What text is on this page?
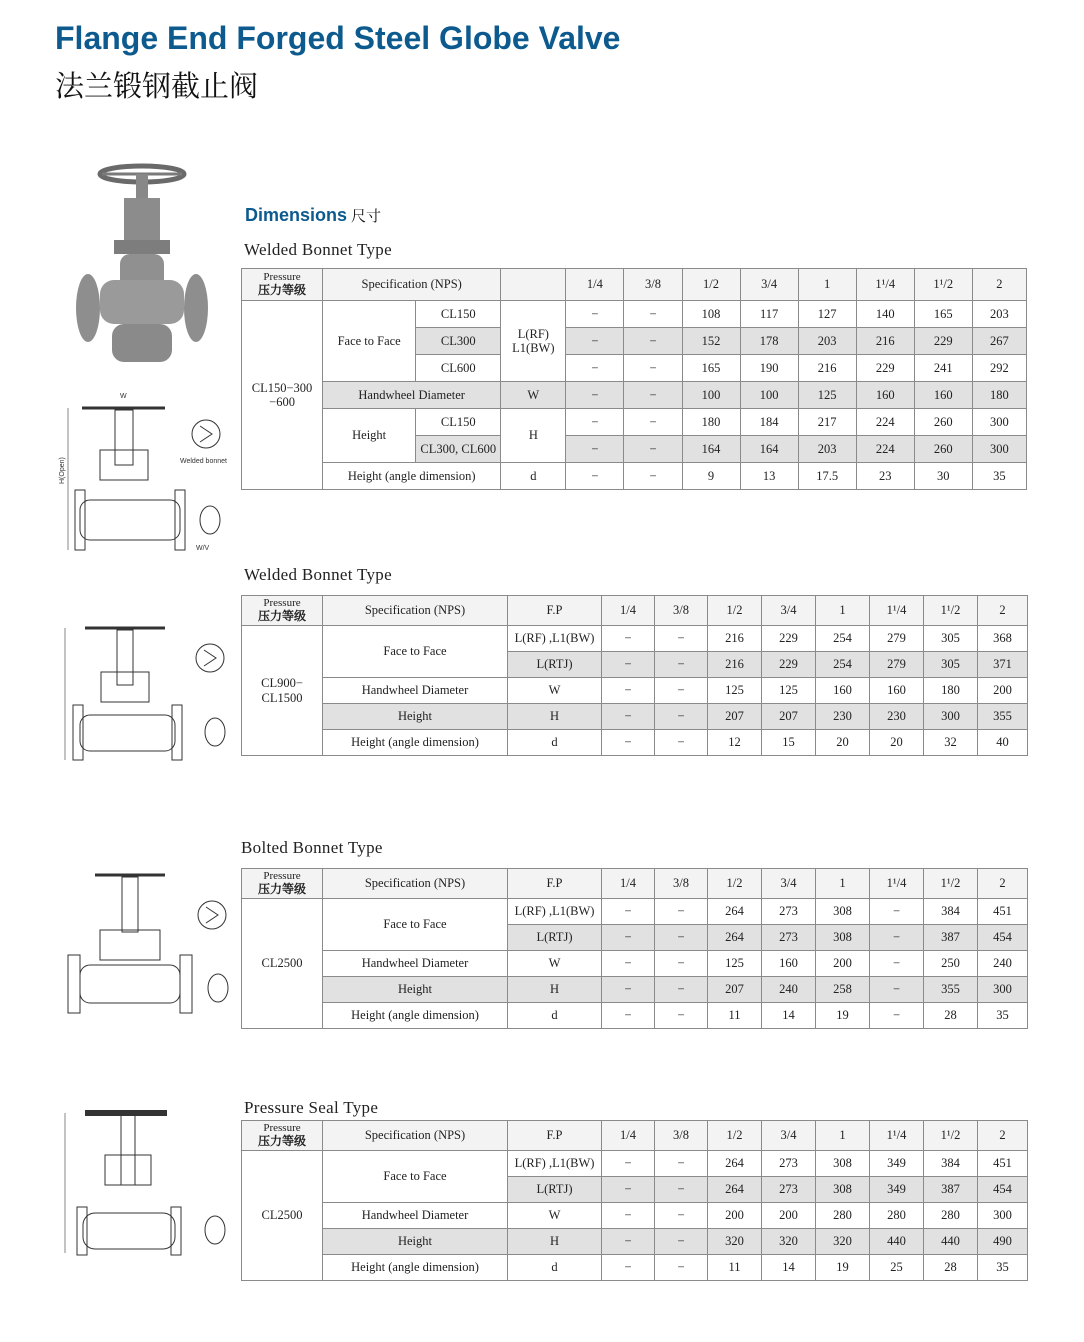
Flange End Forged Steel Globe Valve
法兰锻钢截止阀
H(Open)
W
Welded bonnet
W/V
Dimensions 尺寸
Welded Bonnet Type
Pressure
压力等级	Specification (NPS)			1/4	3/8	1/2	3/4	1	1¹/4	1¹/2	2
CL150−300 −600	Face to Face	CL150	L(RF) L1(BW)	−	−	108	117	127	140	165	203
		CL300		−	−	152	178	203	216	229	267
		CL600		−	−	165	190	216	229	241	292
	Handwheel Diameter		W	−	−	100	100	125	160	160	180
	Height	CL150	H	−	−	180	184	217	224	260	300
		CL300, CL600		−	−	164	164	203	224	260	300
	Height (angle dimension)		d	−	−	9	13	17.5	23	30	35
Welded Bonnet Type
Pressure
压力等级	Specification (NPS)	F.P	1/4	3/8	1/2	3/4	1	1¹/4	1¹/2	2
CL900− CL1500	Face to Face	L(RF) ,L1(BW)	−	−	216	229	254	279	305	368
		L(RTJ)	−	−	216	229	254	279	305	371
	Handwheel Diameter	W	−	−	125	125	160	160	180	200
	Height	H	−	−	207	207	230	230	300	355
	Height (angle dimension)	d	−	−	12	15	20	20	32	40
Bolted Bonnet Type
Pressure
压力等级	Specification (NPS)	F.P	1/4	3/8	1/2	3/4	1	1¹/4	1¹/2	2
CL2500	Face to Face	L(RF) ,L1(BW)	−	−	264	273	308	−	384	451
		L(RTJ)	−	−	264	273	308	−	387	454
	Handwheel Diameter	W	−	−	125	160	200	−	250	240
	Height	H	−	−	207	240	258	−	355	300
	Height (angle dimension)	d	−	−	11	14	19	−	28	35
Pressure Seal Type
Pressure
压力等级	Specification (NPS)	F.P	1/4	3/8	1/2	3/4	1	1¹/4	1¹/2	2
CL2500	Face to Face	L(RF) ,L1(BW)	−	−	264	273	308	349	384	451
		L(RTJ)	−	−	264	273	308	349	387	454
	Handwheel Diameter	W	−	−	200	200	280	280	280	300
	Height	H	−	−	320	320	320	440	440	490
	Height (angle dimension)	d	−	−	11	14	19	25	28	35
